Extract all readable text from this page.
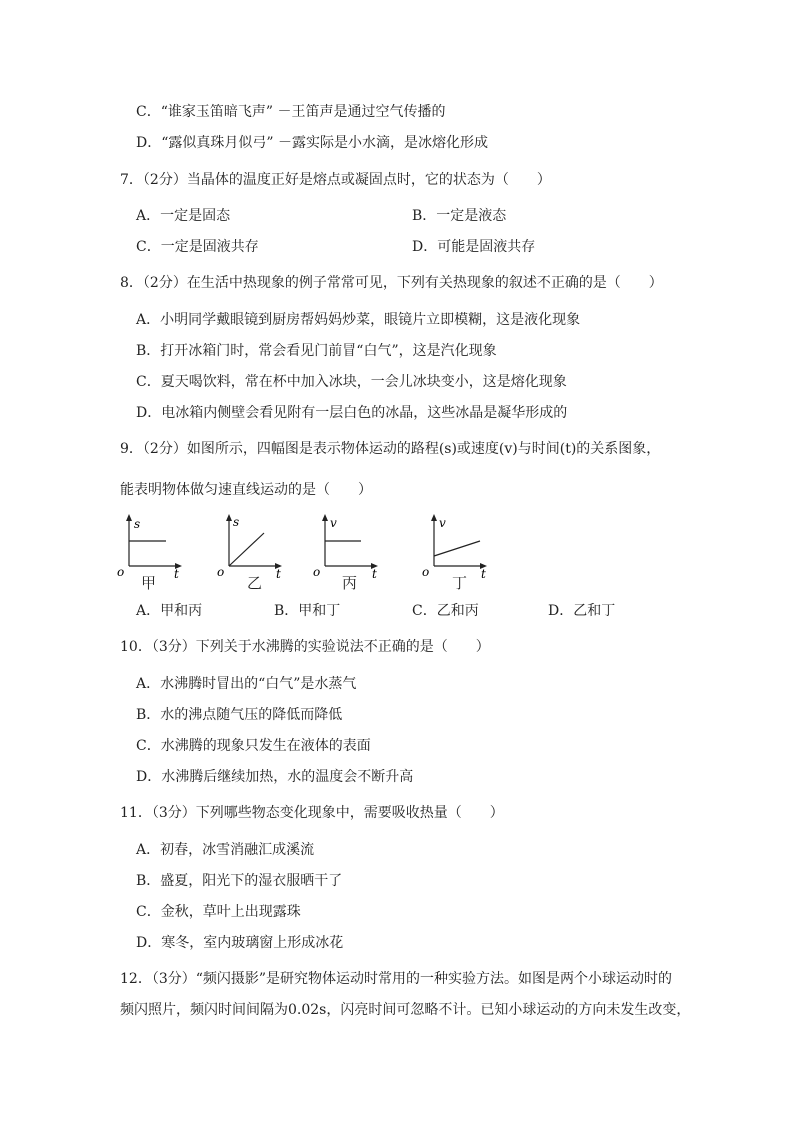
C．“谁家玉笛暗飞声” －王笛声是通过空气传播的
D．“露似真珠月似弓” －露实际是小水滴，是冰熔化形成
7．（2分）当晶体的温度正好是熔点或凝固点时，它的状态为（　　）
A．一定是固态	B．一定是液态
C．一定是固液共存	D．可能是固液共存
8．（2分）在生活中热现象的例子常常可见，下列有关热现象的叙述不正确的是（　　）
A．小明同学戴眼镜到厨房帮妈妈炒菜，眼镜片立即模糊，这是液化现象
B．打开冰箱门时，常会看见门前冒“白气”，这是汽化现象
C．夏天喝饮料，常在杯中加入冰块，一会儿冰块变小，这是熔化现象
D．电冰箱内侧壁会看见附有一层白色的冰晶，这些冰晶是凝华形成的
9．（2分）如图所示，四幅图是表示物体运动的路程(s)或速度(v)与时间(t)的关系图象，
能表明物体做匀速直线运动的是（　　）
s
o	t
甲
s
o	t
乙
v
o	t
丙
v
o	t
丁
A．甲和丙	B．甲和丁	C．乙和丙	D．乙和丁
10．（3分）下列关于水沸腾的实验说法不正确的是（　　）
A．水沸腾时冒出的“白气”是水蒸气
B．水的沸点随气压的降低而降低
C．水沸腾的现象只发生在液体的表面
D．水沸腾后继续加热，水的温度会不断升高
11．（3分）下列哪些物态变化现象中，需要吸收热量（　　）
A．初春，冰雪消融汇成溪流
B．盛夏，阳光下的湿衣服晒干了
C．金秋，草叶上出现露珠
D．寒冬，室内玻璃窗上形成冰花
12．（3分）“频闪摄影”是研究物体运动时常用的一种实验方法。如图是两个小球运动时的
频闪照片，频闪时间间隔为0.02s，闪亮时间可忽略不计。已知小球运动的方向未发生改变，
